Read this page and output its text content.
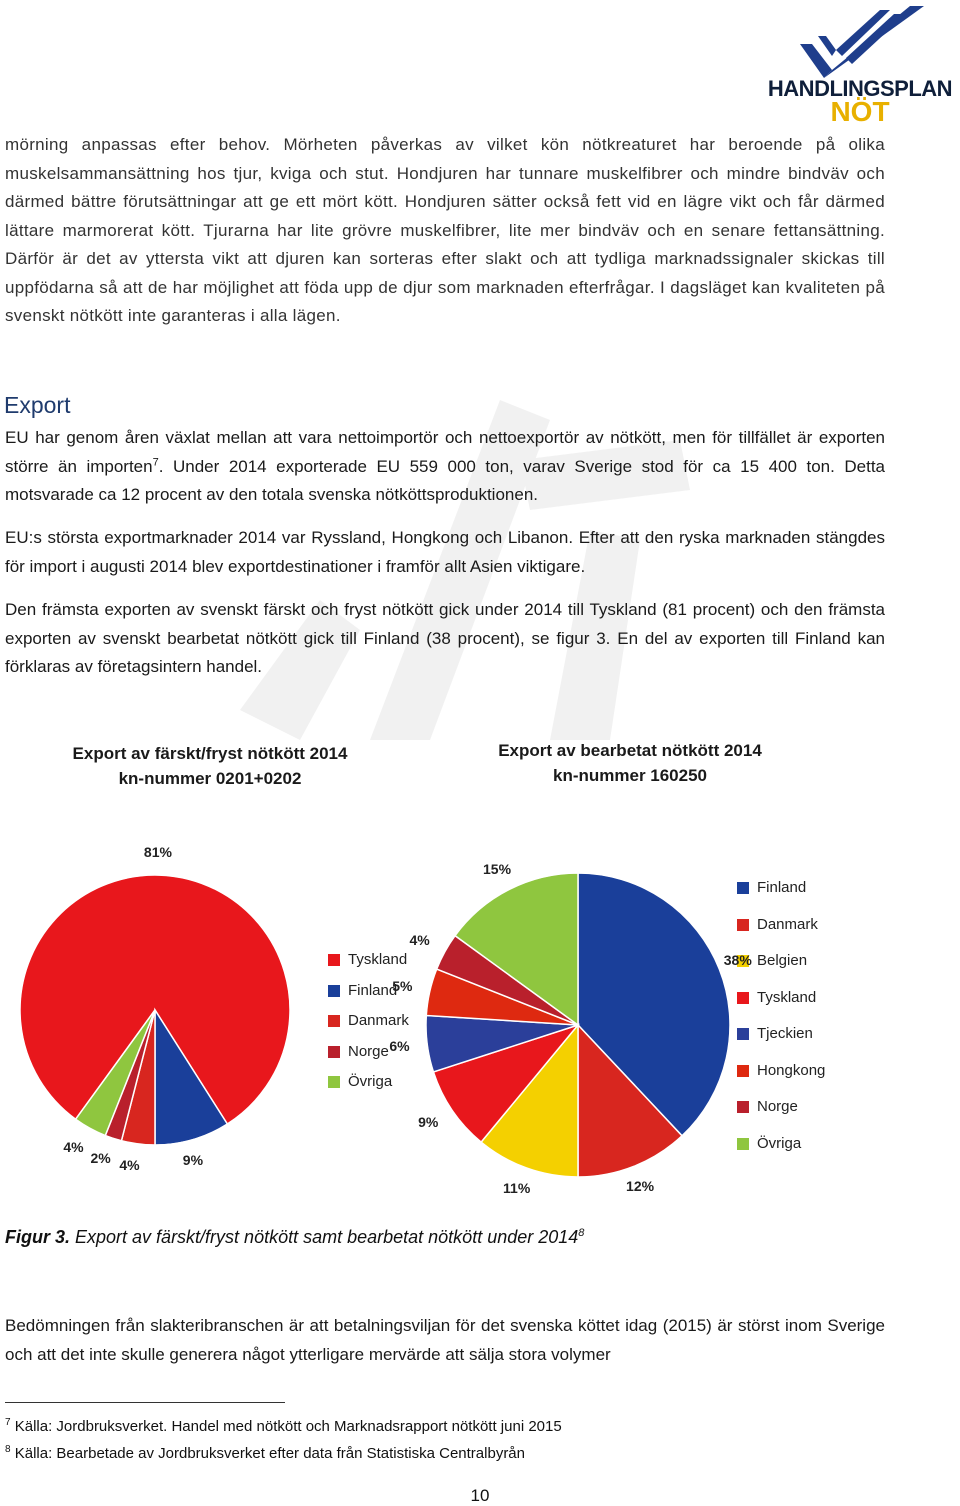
HANDLINGSPLAN
NÖT

mörning anpassas efter behov. Mörheten påverkas av vilket kön nötkreaturet har beroende på olika muskelsammansättning hos tjur, kviga och stut. Hondjuren har tunnare muskelfibrer och mindre bindväv och därmed bättre förutsättningar att ge ett mört kött. Hondjuren sätter också fett vid en lägre vikt och får därmed lättare marmorerat kött. Tjurarna har lite grövre muskelfibrer, lite mer bindväv och en senare fettansättning. Därför är det av yttersta vikt att djuren kan sorteras efter slakt och att tydliga marknadssignaler skickas till uppfödarna så att de har möjlighet att föda upp de djur som marknaden efterfrågar. I dagsläget kan kvaliteten på svenskt nötkött inte garanteras i alla lägen.

Export

EU har genom åren växlat mellan att vara nettoimportör och nettoexportör av nötkött, men för tillfället är exporten större än importen$^7$. Under 2014 exporterade EU 559 000 ton, varav Sverige stod för ca 15 400 ton. Detta motsvarade ca 12 procent av den totala svenska nötköttsproduktionen.

EU:s största exportmarknader 2014 var Ryssland, Hongkong och Libanon. Efter att den ryska marknaden stängdes för import i augusti 2014 blev exportdestinationer i framför allt Asien viktigare.

Den främsta exporten av svenskt färskt och fryst nötkött gick under 2014 till Tyskland (81 procent) och den främsta exporten av svenskt bearbetat nötkött gick till Finland (38 procent), se figur 3. En del av exporten till Finland kan förklaras av företagsintern handel.

Export av färskt/fryst nötkött 2014
kn-nummer 0201+0202
Export av bearbetat nötkött 2014
kn-nummer 160250
Tyskland
Finland
Danmark
Norge
Övriga
Finland
Danmark
Belgien
Tyskland
Tjeckien
Hongkong
Norge
Övriga
81%
9%
4%
2%
4%
38%
12%
11%
9%
6%
5%
4%
15%
Figur 3. Export av färskt/fryst nötkött samt bearbetat nötkött under 2014$^8$

Bedömningen från slakteribranschen är att betalningsviljan för det svenska köttet idag (2015) är störst inom Sverige och att det inte skulle generera något ytterligare mervärde att sälja stora volymer

$^7$ Källa: Jordbruksverket. Handel med nötkött och Marknadsrapport nötkött juni 2015
$^8$ Källa: Bearbetade av Jordbruksverket efter data från Statistiska Centralbyrån
10
